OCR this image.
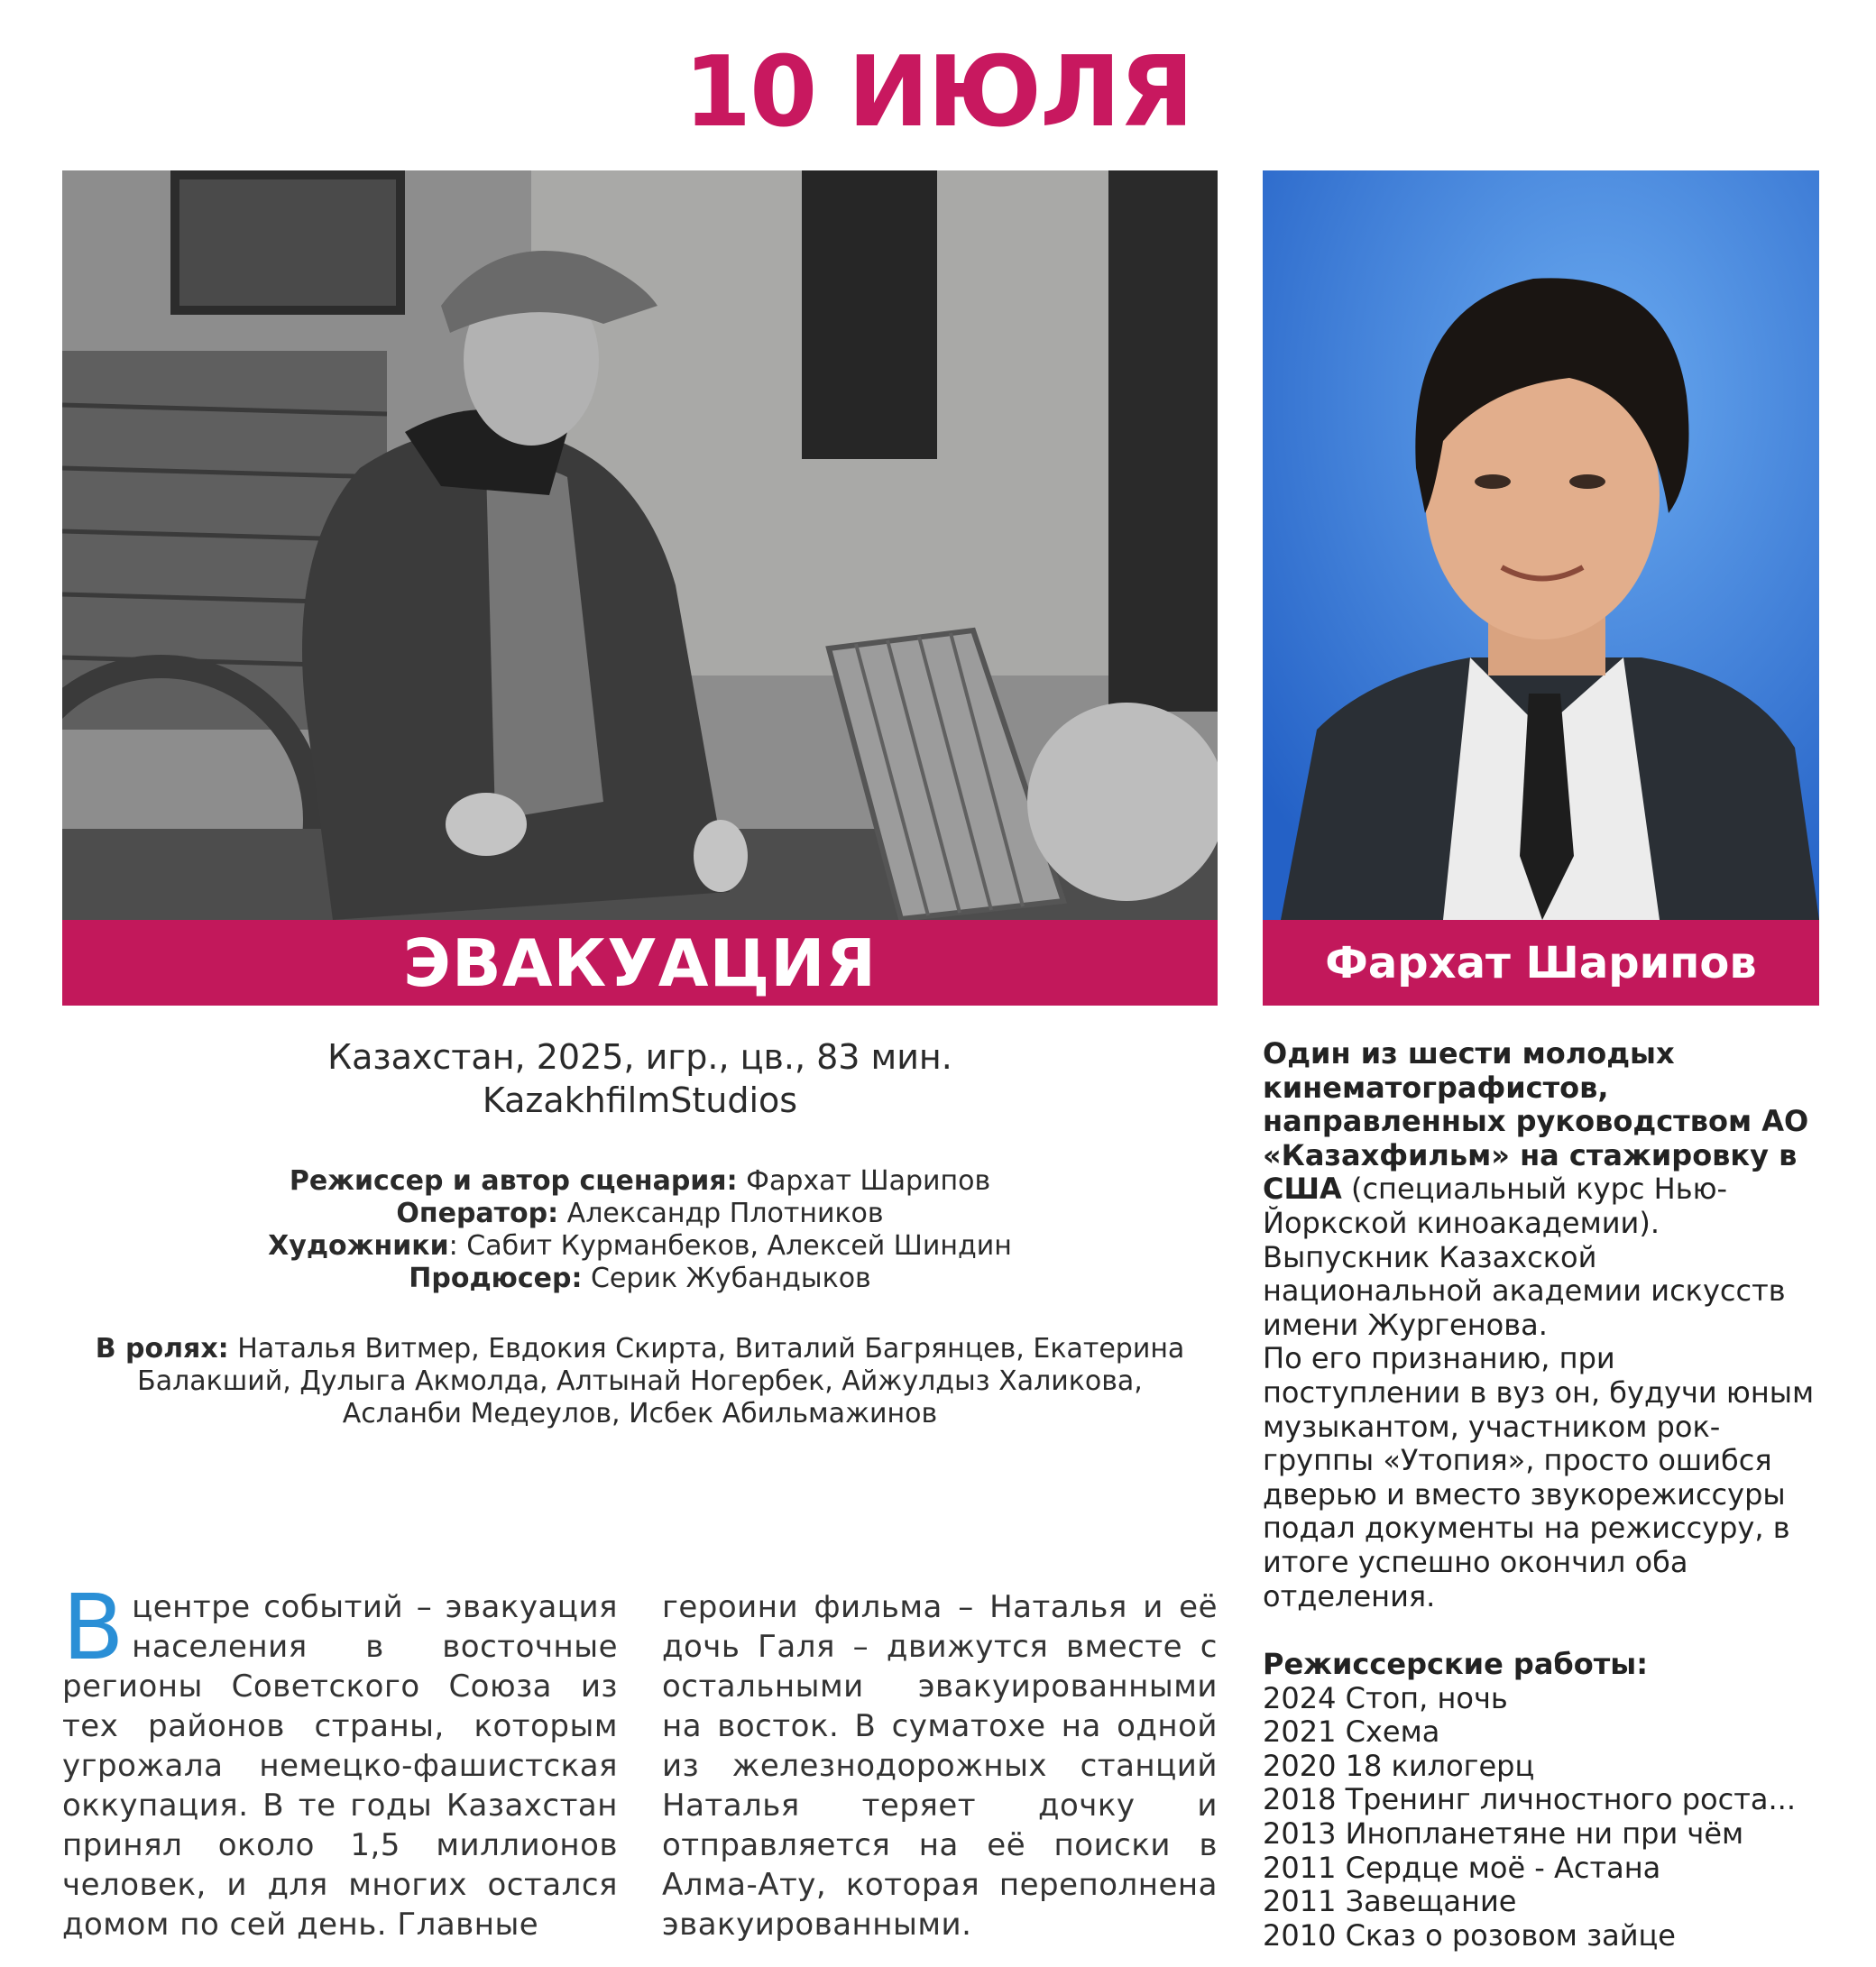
10 ИЮЛЯ
ЭВАКУАЦИЯ	Фархат Шарипов
Казахстан, 2025, игр., цв., 83 мин.
KazakhfilmStudios
Режиссер и автор сценария: Фархат Шарипов
Оператор: Александр Плотников
Художники: Сабит Курманбеков, Алексей Шиндин
Продюсер: Серик Жубандыков
В ролях: Наталья Витмер, Евдокия Скирта, Виталий Багрянцев, Екатерина Балакший, Дулыга Акмолда, Алтынай Ногербек, Айжулдыз Халикова, Асланби Медеулов, Исбек Абильмажинов
Вцентре событий – эвакуация населения в восточные регионы Советского Союза из тех районов страны, которым угрожала немецко-фашистская оккупация. В те годы Казахстан принял около 1,5 миллионов человек, и для многих остался домом по сей день. Главные
героини фильма – Наталья и её дочь Галя – движутся вместе с остальными эвакуированными на восток. В суматохе на одной из железнодорожных станций Наталья теряет дочку и отправляется на её поиски в Алма-Ату, которая переполнена эвакуированными.
Один из шести молодых кинематографистов, направленных руководством АО «Казахфильм» на стажировку в США (специальный курс Нью-Йоркской киноакадемии). Выпускник Казахской национальной академии искусств имени Жургенова.
По его признанию, при поступлении в вуз он, будучи юным музыкантом, участником рок-группы «Утопия», просто ошибся дверью и вместо звукорежиссуры подал документы на режиссуру, в итоге успешно окончил оба отделения.
Режиссерские работы:
2024 Стоп, ночь
2021 Схема
2020 18 килогерц
2018 Тренинг личностного роста...
2013 Инопланетяне ни при чём
2011 Сердце моё - Астана
2011 Завещание
2010 Сказ о розовом зайце
